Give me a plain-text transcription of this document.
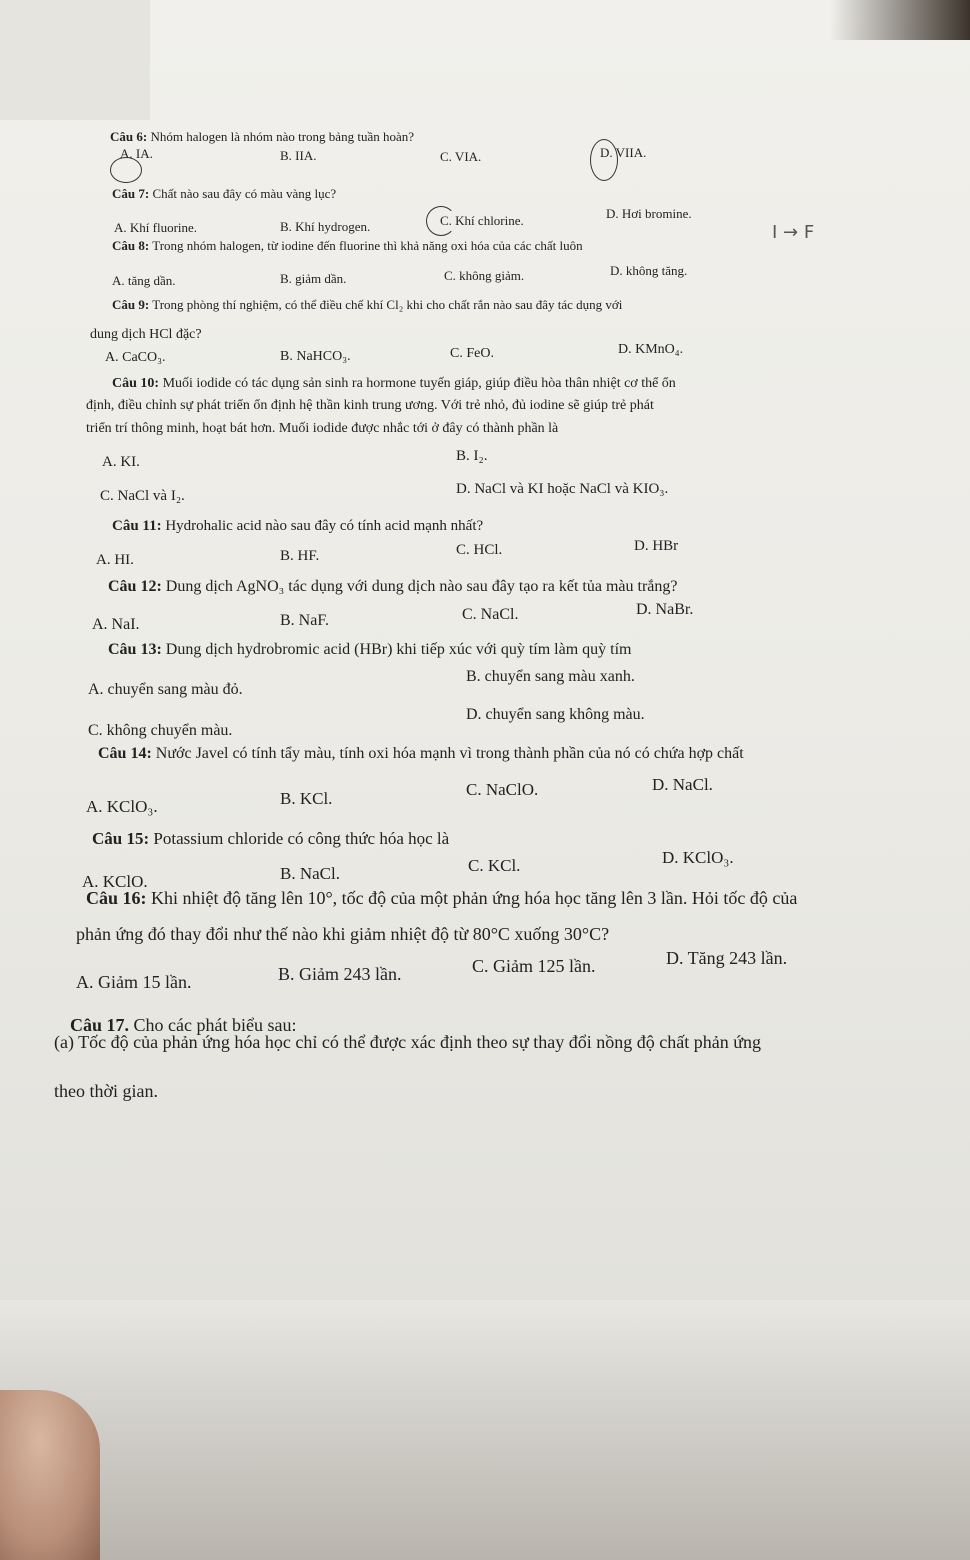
Câu 6: Nhóm halogen là nhóm nào trong bảng tuần hoàn?
A. IA.	B. IIA.	C. VIA.	D. VIIA.
Câu 7: Chất nào sau đây có màu vàng lục?
A. Khí fluorine.	B. Khí hydrogen.	C. Khí chlorine.	D. Hơi bromine.
Câu 8: Trong nhóm halogen, từ iodine đến fluorine thì khả năng oxi hóa của các chất luôn
I → F
A. tăng dần.	B. giảm dần.	C. không giảm.	D. không tăng.
Câu 9: Trong phòng thí nghiệm, có thể điều chế khí Cl₂ khi cho chất rắn nào sau đây tác dụng với
dung dịch HCl đặc?
A. CaCO₃.	B. NaHCO₃.	C. FeO.	D. KMnO₄.
Câu 10: Muối iodide có tác dụng sản sinh ra hormone tuyến giáp, giúp điều hòa thân nhiệt cơ thể ổn
định, điều chỉnh sự phát triển ổn định hệ thần kinh trung ương. Với trẻ nhỏ, đủ iodine sẽ giúp trẻ phát
triển trí thông minh, hoạt bát hơn. Muối iodide được nhắc tới ở đây có thành phần là
A. KI.	B. I₂.
C. NaCl và I₂.	D. NaCl và KI hoặc NaCl và KIO₃.
Câu 11: Hydrohalic acid nào sau đây có tính acid mạnh nhất?
A. HI.	B. HF.	C. HCl.	D. HBr
Câu 12: Dung dịch AgNO₃ tác dụng với dung dịch nào sau đây tạo ra kết tủa màu trắng?
A. NaI.	B. NaF.	C. NaCl.	D. NaBr.
Câu 13: Dung dịch hydrobromic acid (HBr) khi tiếp xúc với quỳ tím làm quỳ tím
A. chuyển sang màu đỏ.
B. chuyển sang màu xanh.
C. không chuyển màu.
D. chuyển sang không màu.
Câu 14: Nước Javel có tính tẩy màu, tính oxi hóa mạnh vì trong thành phần của nó có chứa hợp chất
A. KClO₃.	B. KCl.	C. NaClO.	D. NaCl.
Câu 15: Potassium chloride có công thức hóa học là
A. KClO.	B. NaCl.	C. KCl.	D. KClO₃.
Câu 16: Khi nhiệt độ tăng lên 10°, tốc độ của một phản ứng hóa học tăng lên 3 lần. Hỏi tốc độ của
phản ứng đó thay đổi như thế nào khi giảm nhiệt độ từ 80°C xuống 30°C?
A. Giảm 15 lần.	B. Giảm 243 lần.	C. Giảm 125 lần.	D. Tăng 243 lần.
Câu 17. Cho các phát biểu sau:
(a) Tốc độ của phản ứng hóa học chỉ có thể được xác định theo sự thay đổi nồng độ chất phản ứng
theo thời gian.
